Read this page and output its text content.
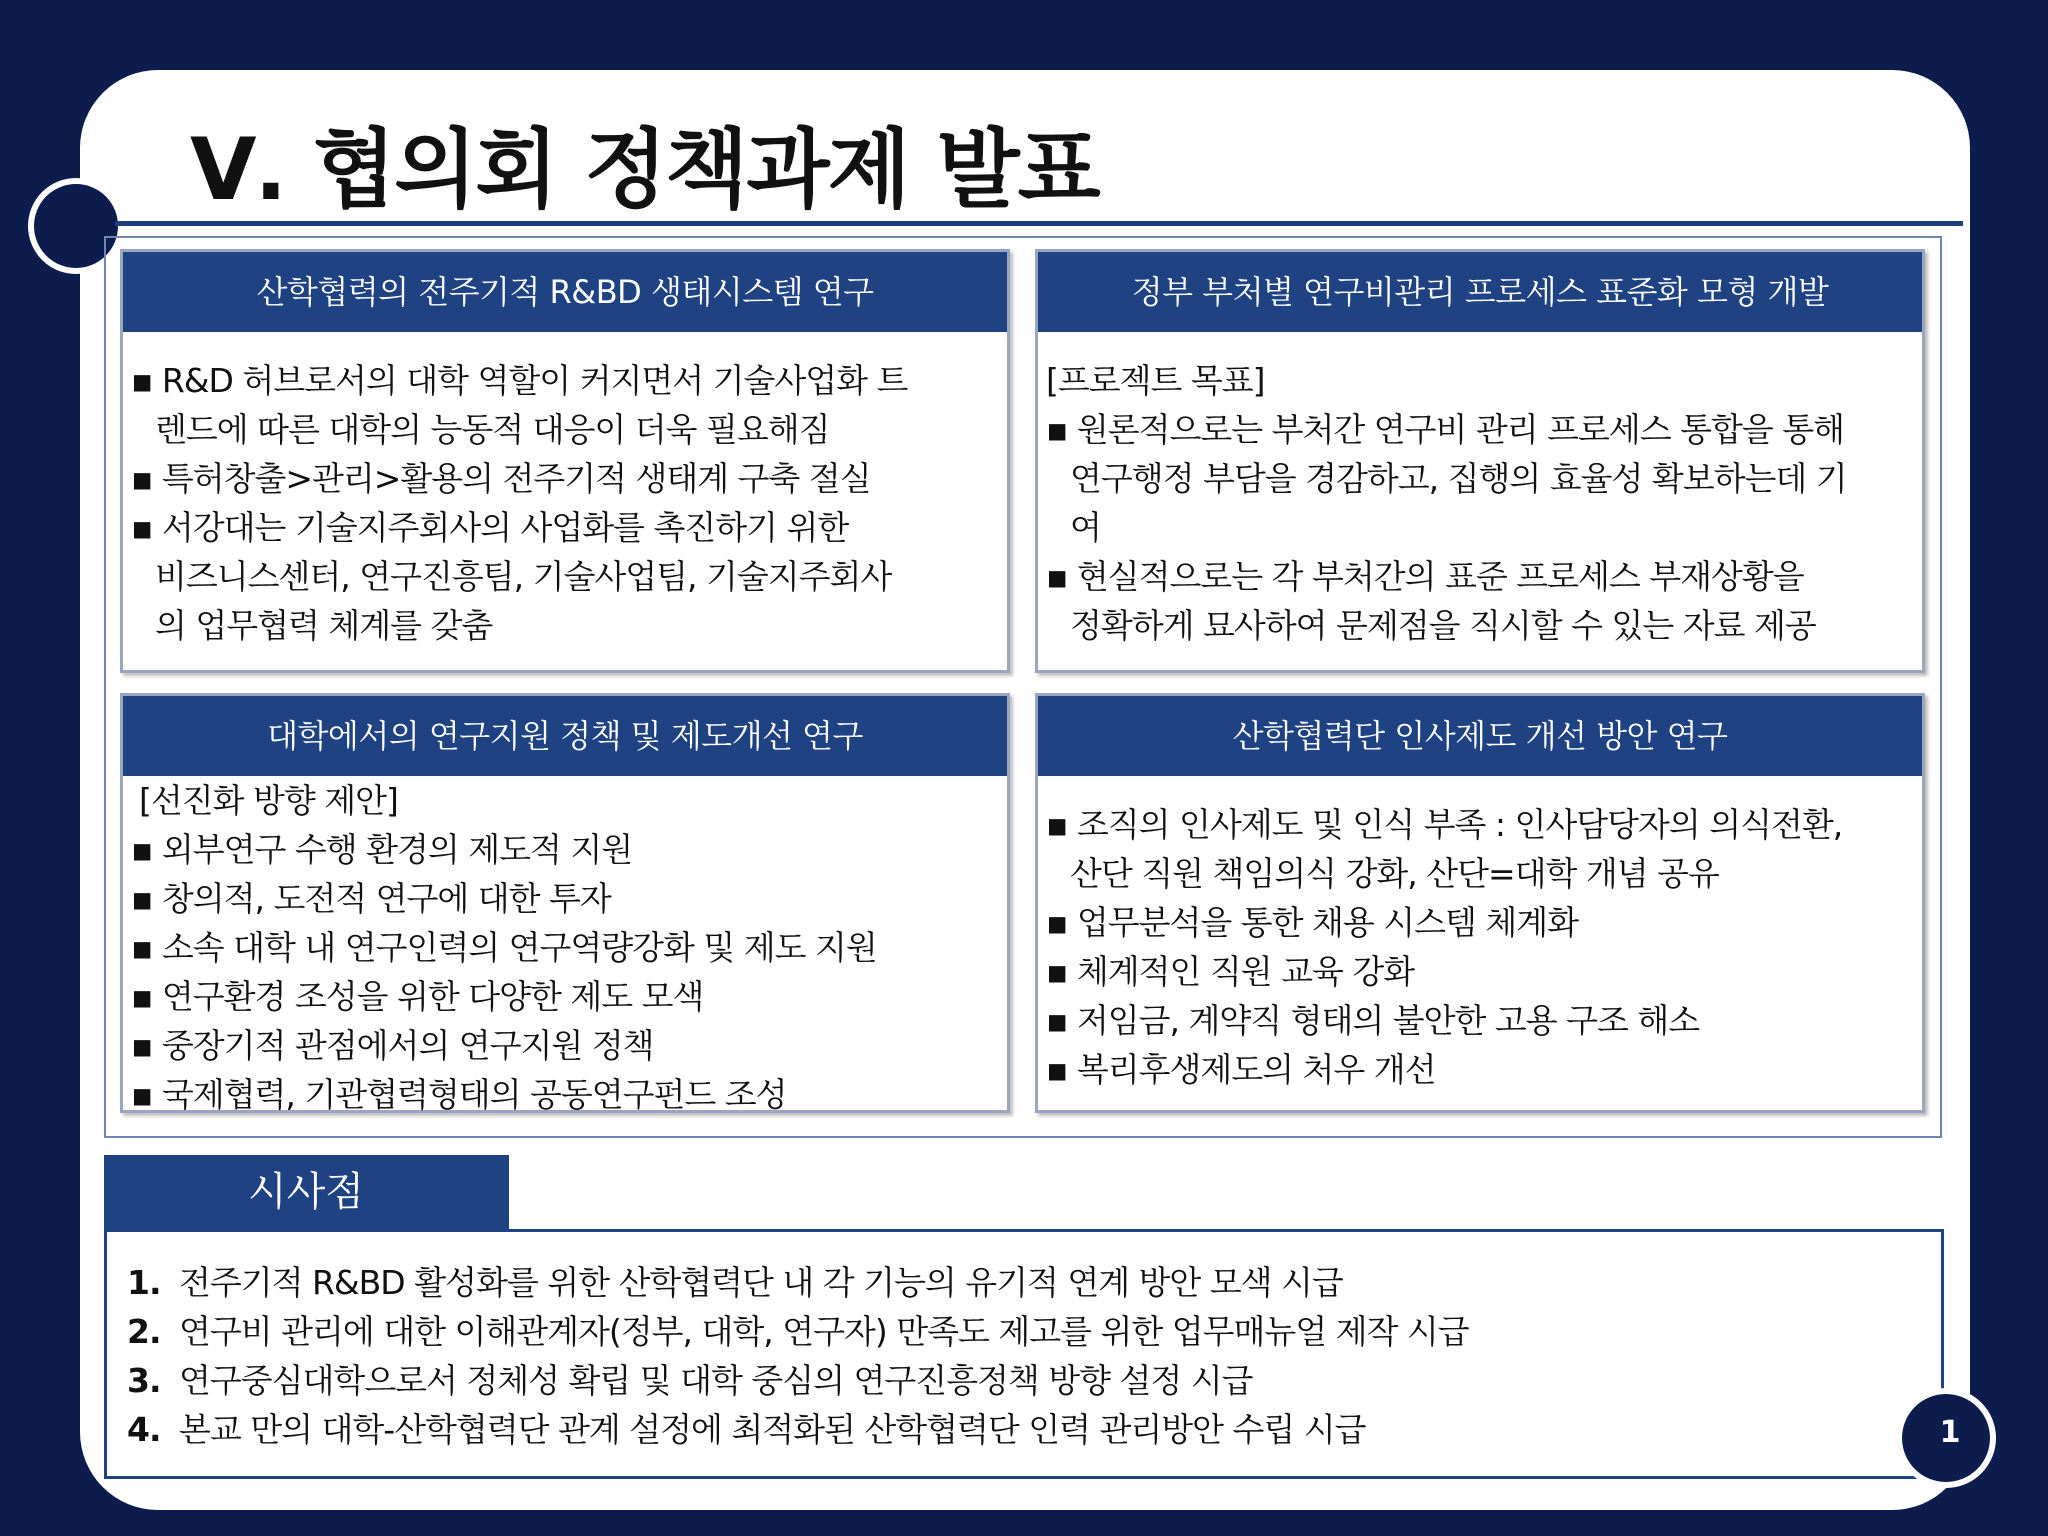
Ⅴ. 협의회 정책과제 발표
산학협력의 전주기적 R&BD 생태시스템 연구
▪ R&D 허브로서의 대학 역할이 커지면서 기술사업화 트
렌드에 따른 대학의 능동적 대응이 더욱 필요해짐
▪ 특허창출>관리>활용의 전주기적 생태계 구축 절실
▪ 서강대는 기술지주회사의 사업화를 촉진하기 위한
비즈니스센터, 연구진흥팀, 기술사업팀, 기술지주회사
의 업무협력 체계를 갖춤
정부 부처별 연구비관리 프로세스 표준화 모형 개발
[프로젝트 목표]
▪ 원론적으로는 부처간 연구비 관리 프로세스 통합을 통해
연구행정 부담을 경감하고, 집행의 효율성 확보하는데 기
여
▪ 현실적으로는 각 부처간의 표준 프로세스 부재상황을
정확하게 묘사하여 문제점을 직시할 수 있는 자료 제공
대학에서의 연구지원 정책 및 제도개선 연구
[선진화 방향 제안]
▪ 외부연구 수행 환경의 제도적 지원
▪ 창의적, 도전적 연구에 대한 투자
▪ 소속 대학 내 연구인력의 연구역량강화 및 제도 지원
▪ 연구환경 조성을 위한 다양한 제도 모색
▪ 중장기적 관점에서의 연구지원 정책
▪ 국제협력, 기관협력형태의 공동연구펀드 조성
산학협력단 인사제도 개선 방안 연구
▪ 조직의 인사제도 및 인식 부족 : 인사담당자의 의식전환,
산단 직원 책임의식 강화, 산단=대학 개념 공유
▪ 업무분석을 통한 채용 시스템 체계화
▪ 체계적인 직원 교육 강화
▪ 저임금, 계약직 형태의 불안한 고용 구조 해소
▪ 복리후생제도의 처우 개선
시사점
1. 전주기적 R&BD 활성화를 위한 산학협력단 내 각 기능의 유기적 연계 방안 모색 시급
2. 연구비 관리에 대한 이해관계자(정부, 대학, 연구자) 만족도 제고를 위한 업무매뉴얼 제작 시급
3. 연구중심대학으로서 정체성 확립 및 대학 중심의 연구진흥정책 방향 설정 시급
4. 본교 만의 대학-산학협력단 관계 설정에 최적화된 산학협력단 인력 관리방안 수립 시급	1
